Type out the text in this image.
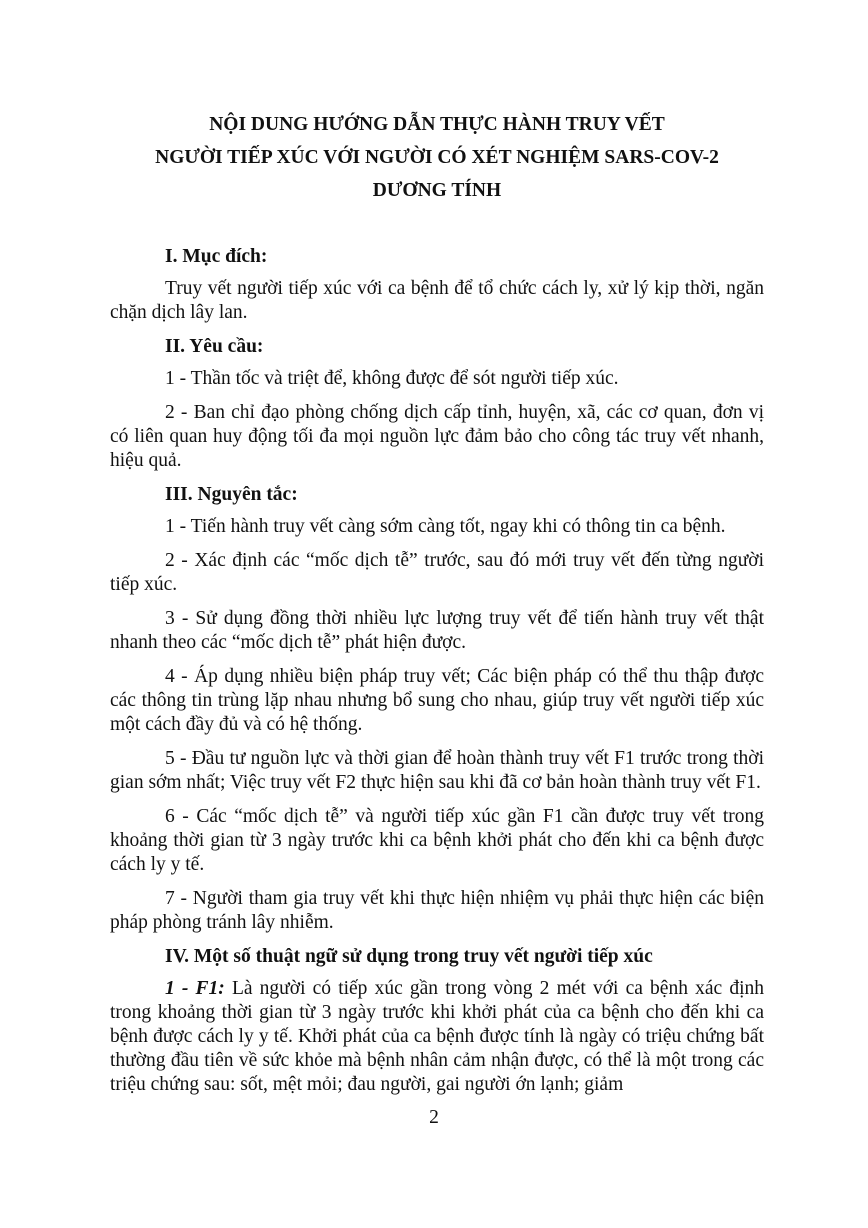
NỘI DUNG HƯỚNG DẪN THỰC HÀNH TRUY VẾT

NGƯỜI TIẾP XÚC VỚI NGƯỜI CÓ XÉT NGHIỆM SARS-COV-2

DƯƠNG TÍNH

I. Mục đích:

Truy vết người tiếp xúc với ca bệnh để tổ chức cách ly, xử lý kịp thời, ngăn chặn dịch lây lan.

II. Yêu cầu:

1 - Thần tốc và triệt để, không được để sót người tiếp xúc.

2 - Ban chỉ đạo phòng chống dịch cấp tỉnh, huyện, xã, các cơ quan, đơn vị có liên quan huy động tối đa mọi nguồn lực đảm bảo cho công tác truy vết nhanh, hiệu quả.

III. Nguyên tắc:

1 - Tiến hành truy vết càng sớm càng tốt, ngay khi có thông tin ca bệnh.

2 - Xác định các “mốc dịch tễ” trước, sau đó mới truy vết đến từng người tiếp xúc.

3 - Sử dụng đồng thời nhiều lực lượng truy vết để tiến hành truy vết thật nhanh theo các “mốc dịch tễ” phát hiện được.

4 - Áp dụng nhiều biện pháp truy vết; Các biện pháp có thể thu thập được các thông tin trùng lặp nhau nhưng bổ sung cho nhau, giúp truy vết người tiếp xúc một cách đầy đủ và có hệ thống.

5 - Đầu tư nguồn lực và thời gian để hoàn thành truy vết F1 trước trong thời gian sớm nhất; Việc truy vết F2 thực hiện sau khi đã cơ bản hoàn thành truy vết F1.

6 - Các “mốc dịch tễ” và người tiếp xúc gần F1 cần được truy vết trong khoảng thời gian từ 3 ngày trước khi ca bệnh khởi phát cho đến khi ca bệnh được cách ly y tế.

7 - Người tham gia truy vết khi thực hiện nhiệm vụ phải thực hiện các biện pháp phòng tránh lây nhiễm.

IV. Một số thuật ngữ sử dụng trong truy vết người tiếp xúc

1 - F1: Là người có tiếp xúc gần trong vòng 2 mét với ca bệnh xác định trong khoảng thời gian từ 3 ngày trước khi khởi phát của ca bệnh cho đến khi ca bệnh được cách ly y tế. Khởi phát của ca bệnh được tính là ngày có triệu chứng bất thường đầu tiên về sức khỏe mà bệnh nhân cảm nhận được, có thể là một trong các triệu chứng sau: sốt, mệt mỏi; đau người, gai người ớn lạnh; giảm

2
